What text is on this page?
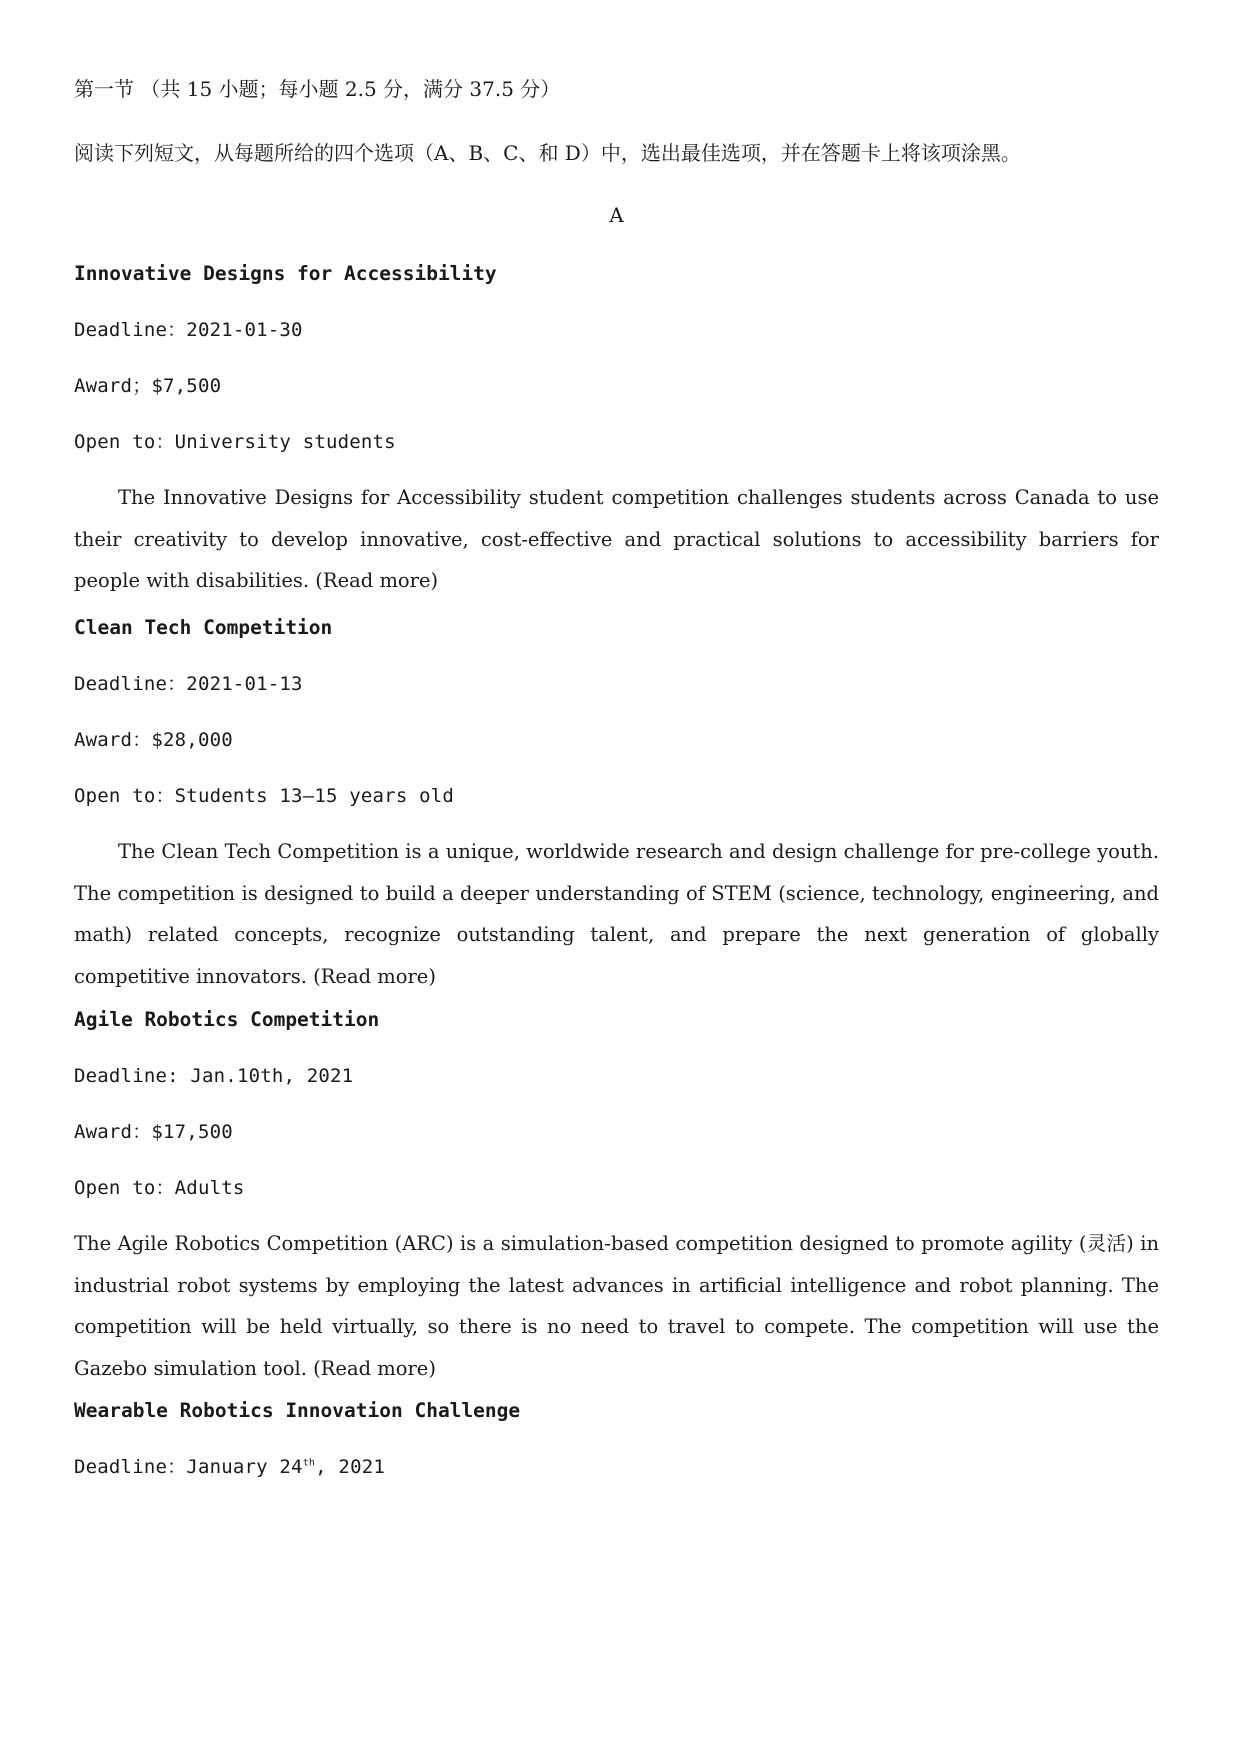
第一节 （共 15 小题；每小题 2.5 分，满分 37.5 分）
阅读下列短文，从每题所给的四个选项（A、B、C、和 D）中，选出最佳选项，并在答题卡上将该项涂黑。
A
Innovative Designs for Accessibility
Deadline：2021-01-30
Award；$7,500
Open to：University students
The Innovative Designs for Accessibility student competition challenges students across Canada to use their creativity to develop innovative, cost-effective and practical solutions to accessibility barriers for people with disabilities. (Read more)
Clean Tech Competition
Deadline：2021-01-13
Award：$28,000
Open to：Students 13—15 years old
The Clean Tech Competition is a unique, worldwide research and design challenge for pre-college youth. The competition is designed to build a deeper understanding of STEM (science, technology, engineering, and math) related concepts, recognize outstanding talent, and prepare the next generation of globally competitive innovators. (Read more)
Agile Robotics Competition
Deadline: Jan.10th, 2021
Award：$17,500
Open to：Adults
The Agile Robotics Competition (ARC) is a simulation-based competition designed to promote agility (灵活) in industrial robot systems by employing the latest advances in artificial intelligence and robot planning. The competition will be held virtually, so there is no need to travel to compete. The competition will use the Gazebo simulation tool. (Read more)
Wearable Robotics Innovation Challenge
Deadline：January 24th, 2021
